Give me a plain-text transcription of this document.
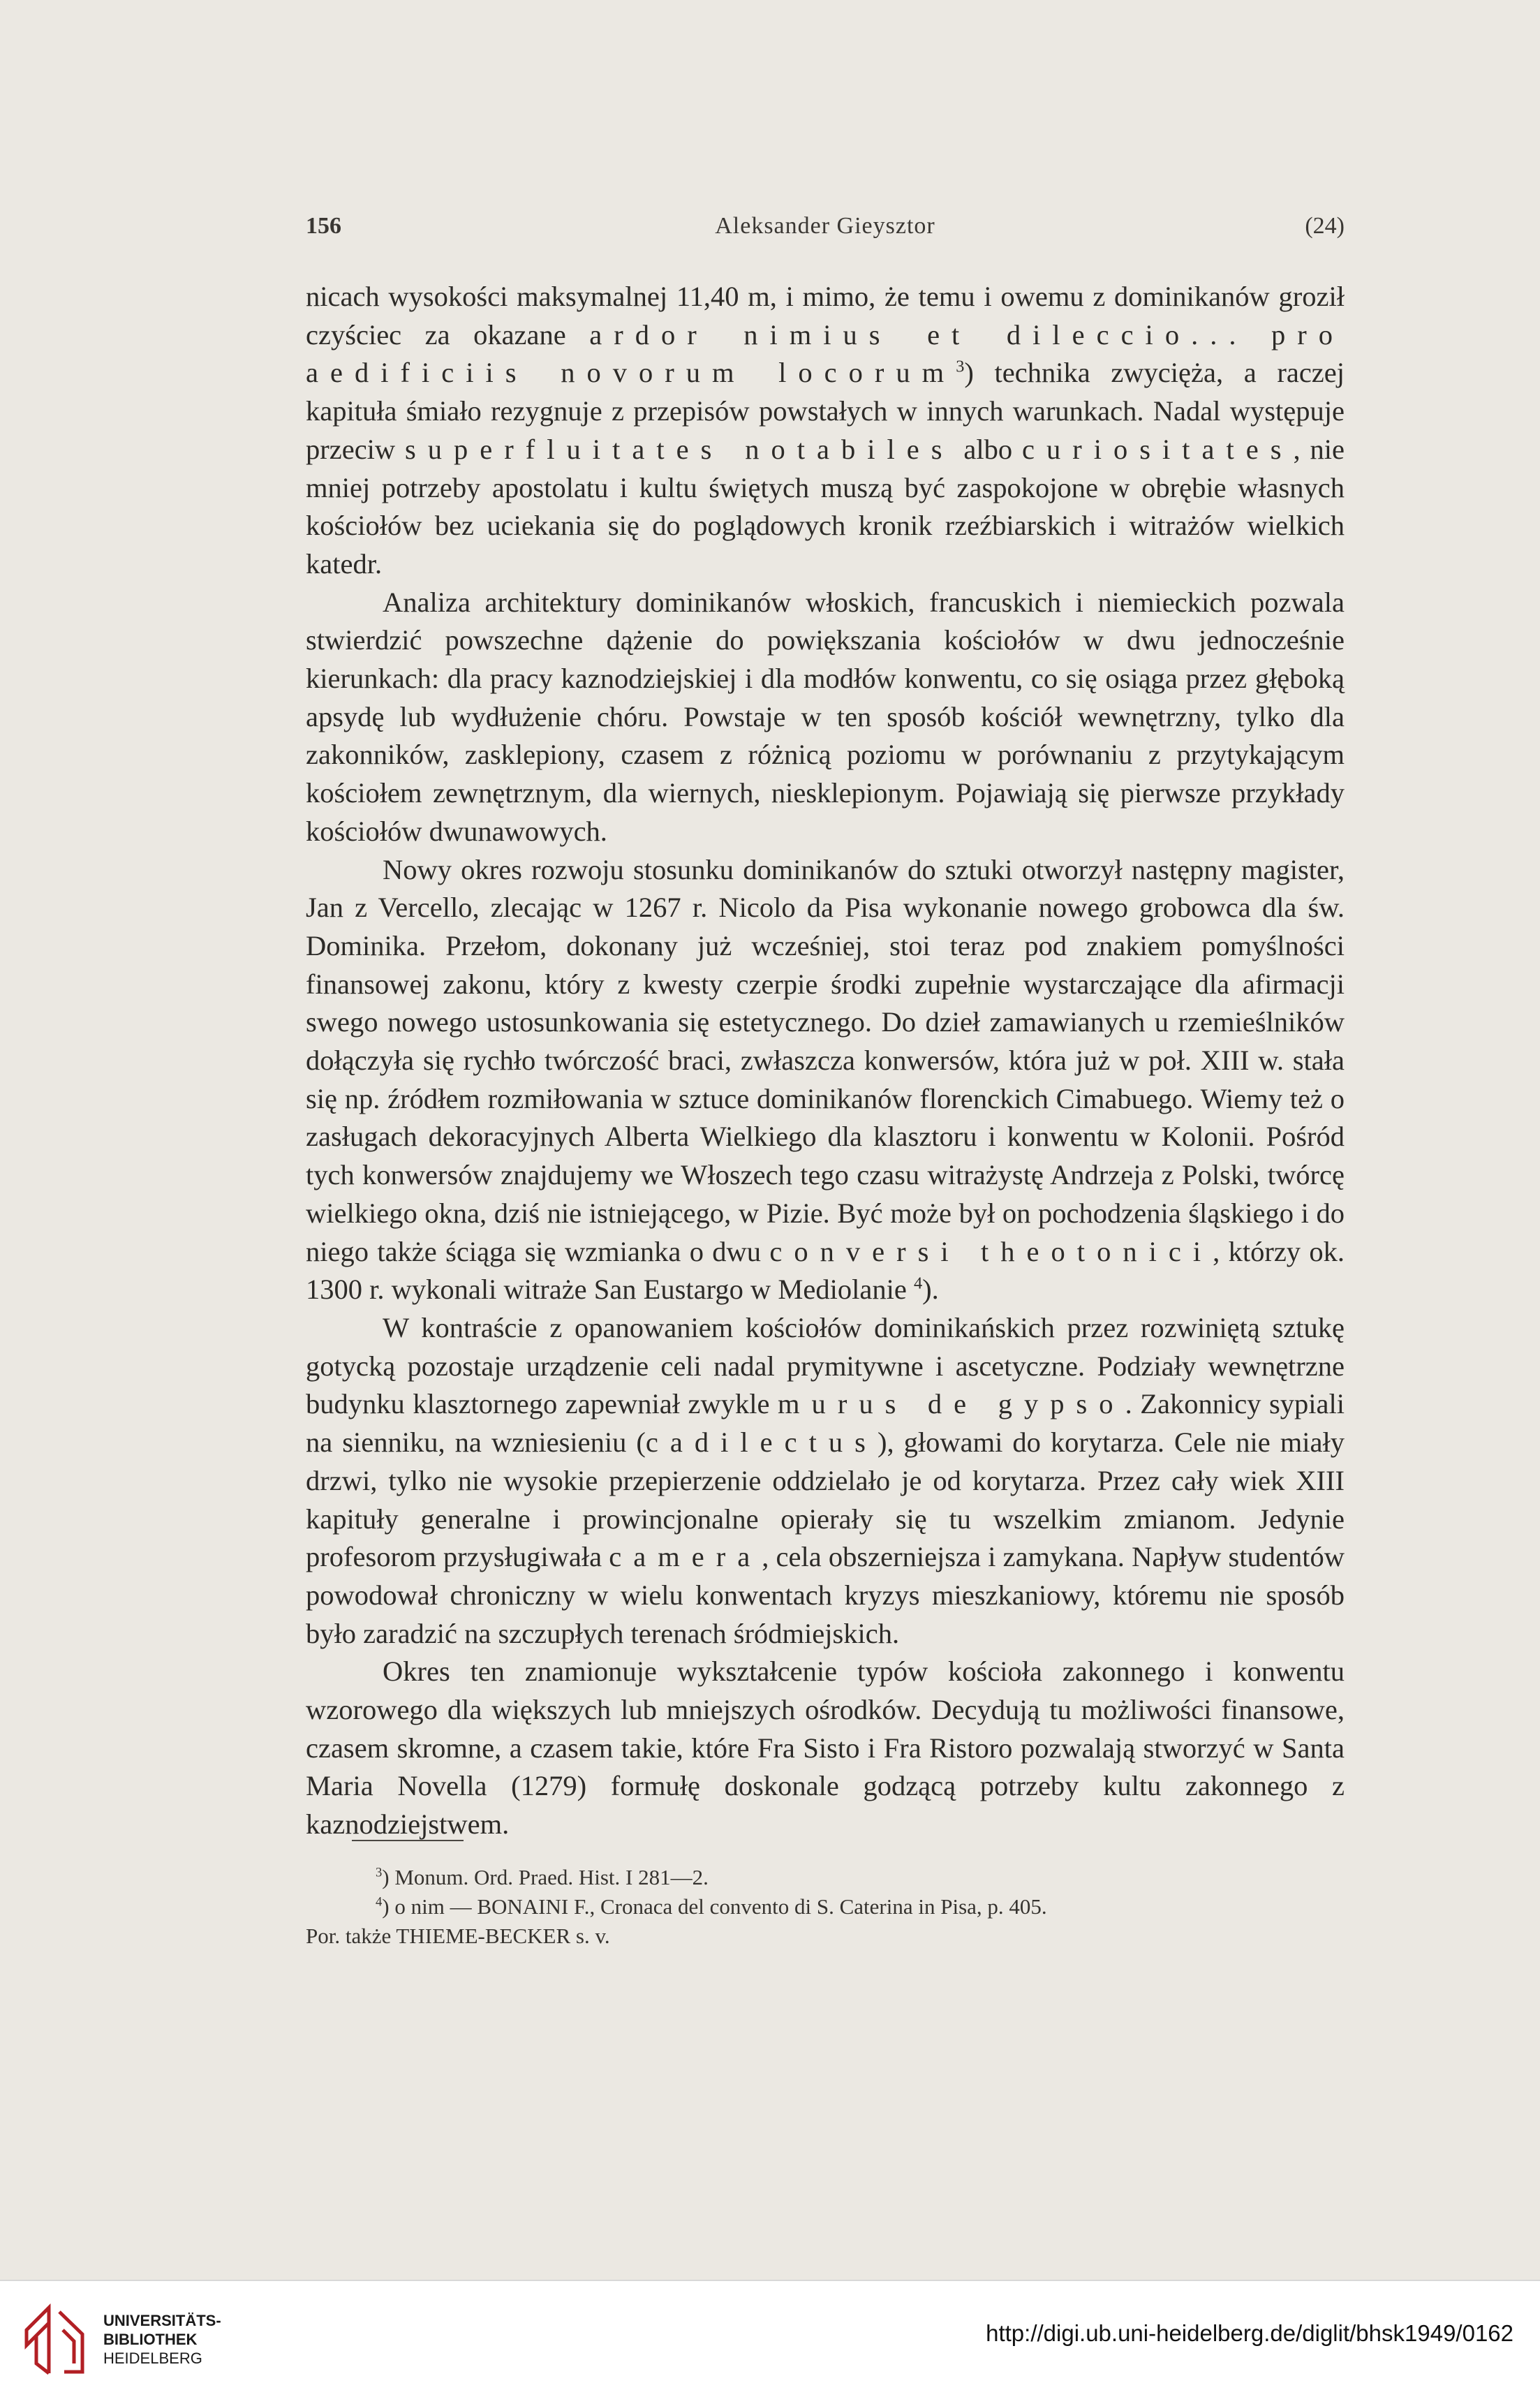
156	Aleksander Gieysztor	(24)

nicach wysokości maksymalnej 11,40 m, i mimo, że temu i owemu z dominikanów groził czyściec za okazane ardor nimius et dileccio... pro aedificiis novorum locorum$^3$) technika zwycięża, a raczej kapituła śmiało rezygnuje z przepisów powstałych w innych warunkach. Nadal występuje przeciw superfluitates notabiles albo curiositates, nie mniej potrzeby apostolatu i kultu świętych muszą być zaspokojone w obrębie własnych kościołów bez uciekania się do poglądowych kronik rzeźbiarskich i witrażów wielkich katedr.

Analiza architektury dominikanów włoskich, francuskich i niemieckich pozwala stwierdzić powszechne dążenie do powiększania kościołów w dwu jednocześnie kierunkach: dla pracy kaznodziejskiej i dla modłów konwentu, co się osiąga przez głęboką apsydę lub wydłużenie chóru. Powstaje w ten sposób kościół wewnętrzny, tylko dla zakonników, zasklepiony, czasem z różnicą poziomu w porównaniu z przytykającym kościołem zewnętrznym, dla wiernych, niesklepionym. Pojawiają się pierwsze przykłady kościołów dwunawowych.

Nowy okres rozwoju stosunku dominikanów do sztuki otworzył następny magister, Jan z Vercello, zlecając w 1267 r. Nicolo da Pisa wykonanie nowego grobowca dla św. Dominika. Przełom, dokonany już wcześniej, stoi teraz pod znakiem pomyślności finansowej zakonu, który z kwesty czerpie środki zupełnie wystarczające dla afirmacji swego nowego ustosunkowania się estetycznego. Do dzieł zamawianych u rzemieślników dołączyła się rychło twórczość braci, zwłaszcza konwersów, która już w poł. XIII w. stała się np. źródłem rozmiłowania w sztuce dominikanów florenckich Cimabuego. Wiemy też o zasługach dekoracyjnych Alberta Wielkiego dla klasztoru i konwentu w Kolonii. Pośród tych konwersów znajdujemy we Włoszech tego czasu witrażystę Andrzeja z Polski, twórcę wielkiego okna, dziś nie istniejącego, w Pizie. Być może był on pochodzenia śląskiego i do niego także ściąga się wzmianka o dwu conversi theotonici, którzy ok. 1300 r. wykonali witraże San Eustargo w Mediolanie $^4$).

W kontraście z opanowaniem kościołów dominikańskich przez rozwiniętą sztukę gotycką pozostaje urządzenie celi nadal prymitywne i ascetyczne. Podziały wewnętrzne budynku klasztornego zapewniał zwykle murus de gypso. Zakonnicy sypiali na sienniku, na wzniesieniu (cadilectus), głowami do korytarza. Cele nie miały drzwi, tylko nie wysokie przepierzenie oddzielało je od korytarza. Przez cały wiek XIII kapituły generalne i prowincjonalne opierały się tu wszelkim zmianom. Jedynie profesorom przysługiwała camera, cela obszerniejsza i zamykana. Napływ studentów powodował chroniczny w wielu konwentach kryzys mieszkaniowy, któremu nie sposób było zaradzić na szczupłych terenach śródmiejskich.

Okres ten znamionuje wykształcenie typów kościoła zakonnego i konwentu wzorowego dla większych lub mniejszych ośrodków. Decydują tu możliwości finansowe, czasem skromne, a czasem takie, które Fra Sisto i Fra Ristoro pozwalają stworzyć w Santa Maria Novella (1279) formułę doskonale godzącą potrzeby kultu zakonnego z kaznodziejstwem.

$^3$) Monum. Ord. Praed. Hist. I 281—2.
$^4$) o nim — BONAINI F., Cronaca del convento di S. Caterina in Pisa, p. 405.
Por. także THIEME-BECKER s. v.
UNIVERSITÄTS-
BIBLIOTHEK
HEIDELBERG
http://digi.ub.uni-heidelberg.de/diglit/bhsk1949/0162
